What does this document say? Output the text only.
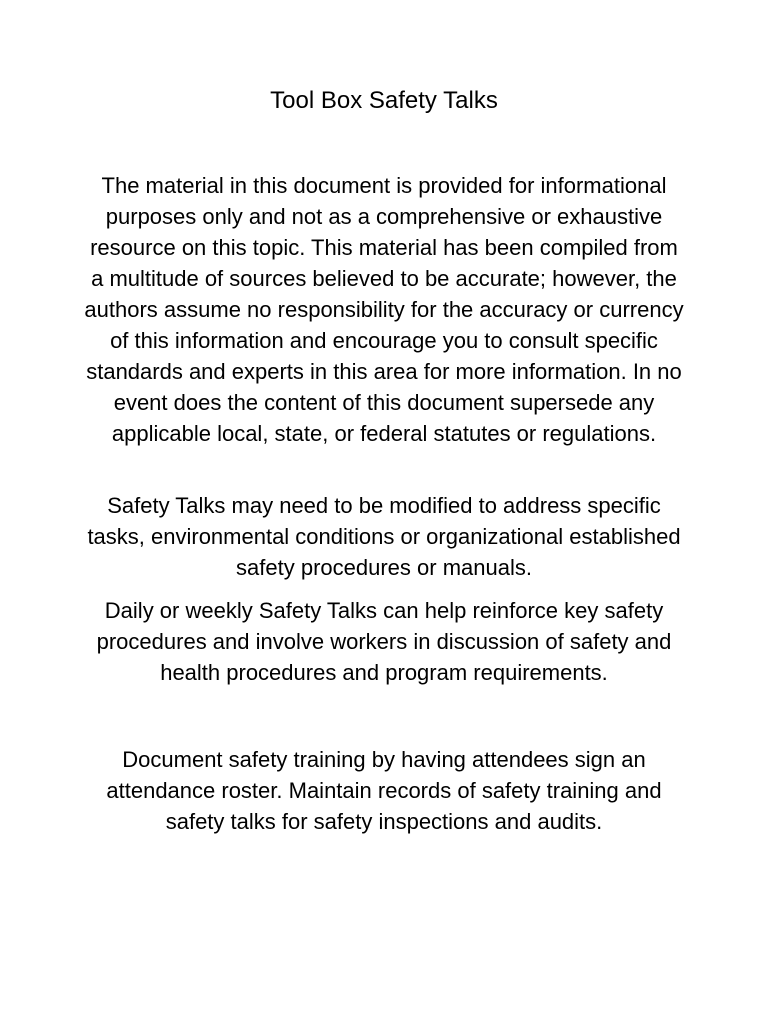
Tool Box Safety Talks

The material in this document is provided for informational purposes only and not as a comprehensive or exhaustive resource on this topic. This material has been compiled from a multitude of sources believed to be accurate; however, the authors assume no responsibility for the accuracy or currency of this information and encourage you to consult specific standards and experts in this area for more information. In no event does the content of this document supersede any applicable local, state, or federal statutes or regulations.

Safety Talks may need to be modified to address specific tasks, environmental conditions or organizational established safety procedures or manuals.

Daily or weekly Safety Talks can help reinforce key safety procedures and involve workers in discussion of safety and health procedures and program requirements.

Document safety training by having attendees sign an attendance roster. Maintain records of safety training and safety talks for safety inspections and audits.
